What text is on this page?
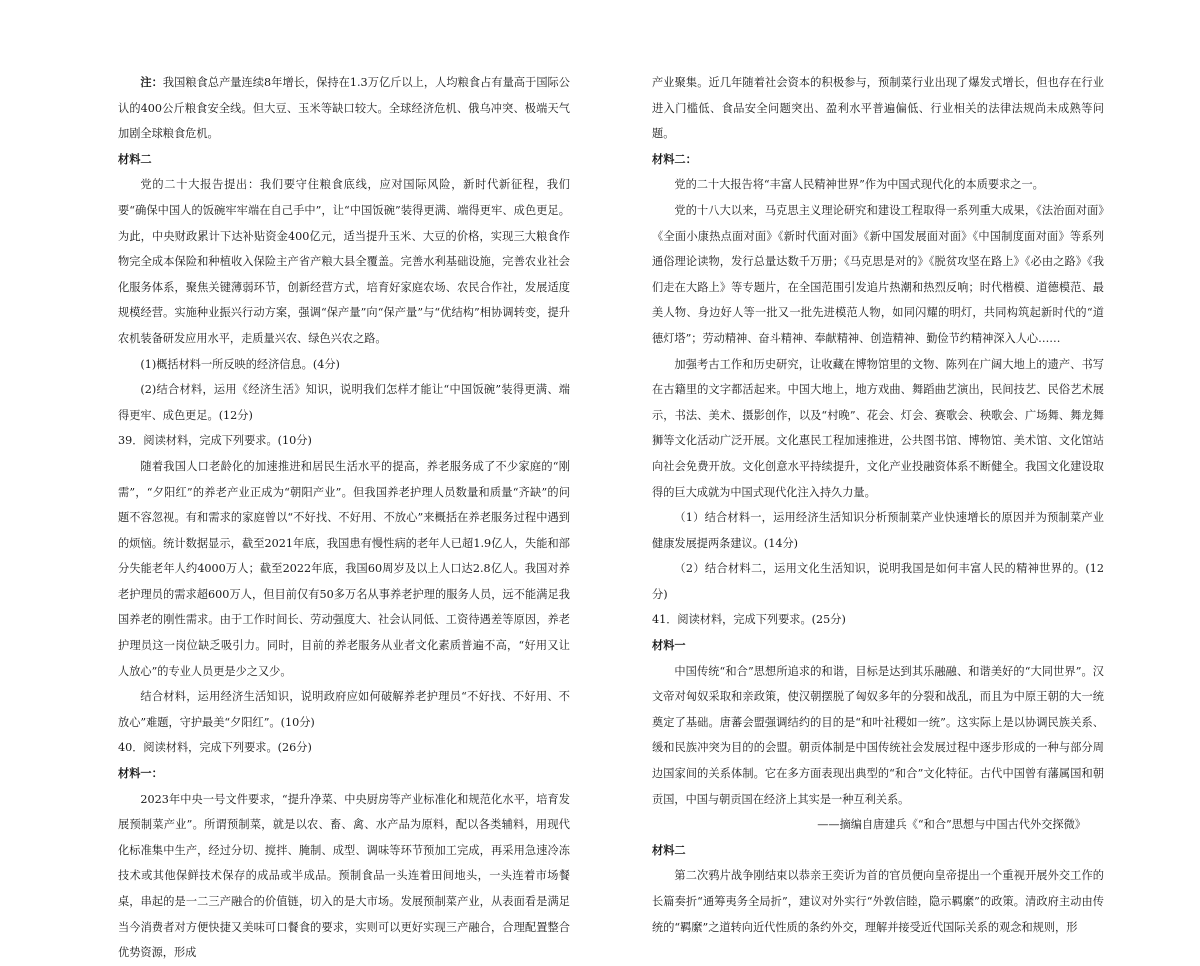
注：我国粮食总产量连续8年增长，保持在1.3万亿斤以上，人均粮食占有量高于国际公认的400公斤粮食安全线。但大豆、玉米等缺口较大。全球经济危机、俄乌冲突、极端天气加剧全球粮食危机。

材料二

党的二十大报告提出：我们要守住粮食底线，应对国际风险，新时代新征程，我们要“确保中国人的饭碗牢牢端在自己手中”，让“中国饭碗”装得更满、端得更牢、成色更足。为此，中央财政累计下达补贴资金400亿元，适当提升玉米、大豆的价格，实现三大粮食作物完全成本保险和种植收入保险主产省产粮大县全覆盖。完善水利基础设施，完善农业社会化服务体系，聚焦关键薄弱环节，创新经营方式，培育好家庭农场、农民合作社，发展适度规模经营。实施种业振兴行动方案，强调“保产量”向“保产量”与“优结构”相协调转变，提升农机装备研发应用水平，走质量兴农、绿色兴农之路。

(1)概括材料一所反映的经济信息。(4分)

(2)结合材料，运用《经济生活》知识，说明我们怎样才能让“中国饭碗”装得更满、端得更牢、成色更足。(12分)

39．阅读材料，完成下列要求。(10分)

随着我国人口老龄化的加速推进和居民生活水平的提高，养老服务成了不少家庭的“刚需”，“夕阳红”的养老产业正成为“朝阳产业”。但我国养老护理人员数量和质量“齐缺”的问题不容忽视。有和需求的家庭曾以“不好找、不好用、不放心”来概括在养老服务过程中遇到的烦恼。统计数据显示，截至2021年底，我国患有慢性病的老年人已超1.9亿人，失能和部分失能老年人约4000万人；截至2022年底，我国60周岁及以上人口达2.8亿人。我国对养老护理员的需求超600万人，但目前仅有50多万名从事养老护理的服务人员，远不能满足我国养老的刚性需求。由于工作时间长、劳动强度大、社会认同低、工资待遇差等原因，养老护理员这一岗位缺乏吸引力。同时，目前的养老服务从业者文化素质普遍不高，“好用又让人放心”的专业人员更是少之又少。

结合材料，运用经济生活知识，说明政府应如何破解养老护理员“不好找、不好用、不放心”难题，守护最美“夕阳红”。(10分)

40．阅读材料，完成下列要求。(26分)

材料一：

2023年中央一号文件要求，“提升净菜、中央厨房等产业标准化和规范化水平，培育发展预制菜产业”。所谓预制菜，就是以农、畜、禽、水产品为原料，配以各类辅料，用现代化标准集中生产，经过分切、搅拌、腌制、成型、调味等环节预加工完成，再采用急速冷冻技术或其他保鲜技术保存的成品或半成品。预制食品一头连着田间地头，一头连着市场餐桌，串起的是一二三产融合的价值链，切入的是大市场。发展预制菜产业，从表面看是满足当今消费者对方便快捷又美味可口餐食的要求，实则可以更好实现三产融合，合理配置整合优势资源，形成

产业聚集。近几年随着社会资本的积极参与，预制菜行业出现了爆发式增长，但也存在行业进入门槛低、食品安全问题突出、盈利水平普遍偏低、行业相关的法律法规尚未成熟等问题。

材料二：

党的二十大报告将“丰富人民精神世界”作为中国式现代化的本质要求之一。

党的十八大以来，马克思主义理论研究和建设工程取得一系列重大成果，《法治面对面》《全面小康热点面对面》《新时代面对面》《新中国发展面对面》《中国制度面对面》等系列通俗理论读物，发行总量达数千万册；《马克思是对的》《脱贫攻坚在路上》《必由之路》《我们走在大路上》等专题片，在全国范围引发追片热潮和热烈反响；时代楷模、道德模范、最美人物、身边好人等一批又一批先进模范人物，如同闪耀的明灯，共同构筑起新时代的“道德灯塔”；劳动精神、奋斗精神、奉献精神、创造精神、勤俭节约精神深入人心……

加强考古工作和历史研究，让收藏在博物馆里的文物、陈列在广阔大地上的遗产、书写在古籍里的文字都活起来。中国大地上，地方戏曲、舞蹈曲艺演出，民间技艺、民俗艺术展示，书法、美术、摄影创作，以及“村晚”、花会、灯会、赛歌会、秧歌会、广场舞、舞龙舞狮等文化活动广泛开展。文化惠民工程加速推进，公共图书馆、博物馆、美术馆、文化馆站向社会免费开放。文化创意水平持续提升，文化产业投融资体系不断健全。我国文化建设取得的巨大成就为中国式现代化注入持久力量。

（1）结合材料一，运用经济生活知识分析预制菜产业快速增长的原因并为预制菜产业健康发展提两条建议。(14分)

（2）结合材料二，运用文化生活知识，说明我国是如何丰富人民的精神世界的。(12分)

41．阅读材料，完成下列要求。(25分)

材料一

中国传统“和合”思想所追求的和谐，目标是达到其乐融融、和谐美好的“大同世界”。汉文帝对匈奴采取和亲政策，使汉朝摆脱了匈奴多年的分裂和战乱，而且为中原王朝的大一统奠定了基础。唐蕃会盟强调结约的目的是“和叶社稷如一统”。这实际上是以协调民族关系、缓和民族冲突为目的的会盟。朝贡体制是中国传统社会发展过程中逐步形成的一种与部分周边国家间的关系体制。它在多方面表现出典型的“和合”文化特征。古代中国曾有藩属国和朝贡国，中国与朝贡国在经济上其实是一种互利关系。

——摘编自唐建兵《“和合”思想与中国古代外交探微》

材料二

第二次鸦片战争刚结束以恭亲王奕䜣为首的官员便向皇帝提出一个重视开展外交工作的长篇奏折“通筹夷务全局折”，建议对外实行“外敦信睦，隐示羁縻”的政策。清政府主动由传统的“羁縻”之道转向近代性质的条约外交，理解并接受近代国际关系的观念和规则，形
